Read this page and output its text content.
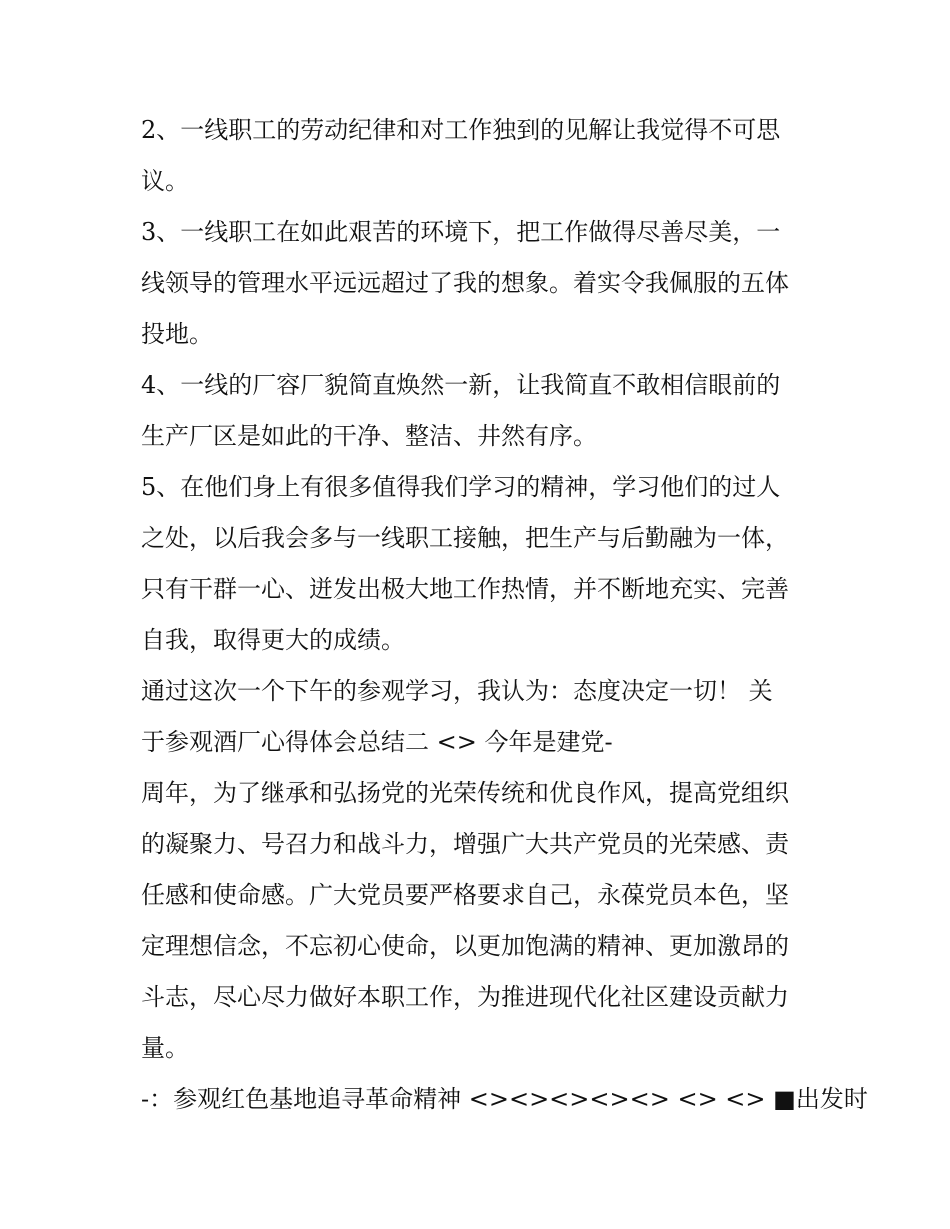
2、一线职工的劳动纪律和对工作独到的见解让我觉得不可思
议。
3、一线职工在如此艰苦的环境下，把工作做得尽善尽美，一
线领导的管理水平远远超过了我的想象。着实令我佩服的五体
投地。
4、一线的厂容厂貌简直焕然一新，让我简直不敢相信眼前的
生产厂区是如此的干净、整洁、井然有序。
5、在他们身上有很多值得我们学习的精神，学习他们的过人
之处，以后我会多与一线职工接触，把生产与后勤融为一体，
只有干群一心、迸发出极大地工作热情，并不断地充实、完善
自我，取得更大的成绩。
通过这次一个下午的参观学习，我认为：态度决定一切！ 关
于参观酒厂心得体会总结二 <> 今年是建党-
周年，为了继承和弘扬党的光荣传统和优良作风，提高党组织
的凝聚力、号召力和战斗力，增强广大共产党员的光荣感、责
任感和使命感。广大党员要严格要求自己，永葆党员本色，坚
定理想信念，不忘初心使命，以更加饱满的精神、更加激昂的
斗志，尽心尽力做好本职工作，为推进现代化社区建设贡献力
量。
-：参观红色基地追寻革命精神 <><><><><> <> <> ■出发时
